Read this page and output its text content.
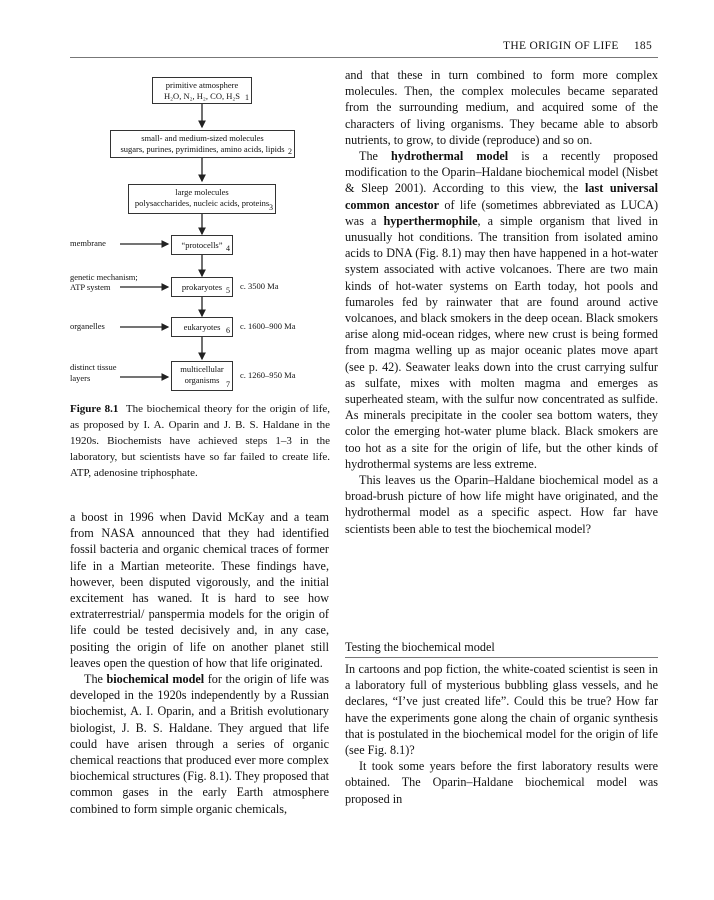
THE ORIGIN OF LIFE 185
primitive atmosphere
H₂O, N₂, H₂, CO, H₂S 1
small- and medium-sized molecules
sugars, purines, pyrimidines, amino acids, lipids 2
large molecules
polysaccharides, nucleic acids, proteins 3
“protocells” 4
prokaryotes 5
eukaryotes 6
multicellular
organisms 7
membrane
genetic mechanism;
ATP system
organelles
distinct tissue
layers
c. 3500 Ma
c. 1600–900 Ma
c. 1260–950 Ma
Figure 8.1 The biochemical theory for the origin of life, as proposed by I. A. Oparin and J. B. S. Haldane in the 1920s. Biochemists have achieved steps 1–3 in the laboratory, but scientists have so far failed to create life. ATP, adenosine triphosphate.

a boost in 1996 when David McKay and a team from NASA announced that they had identified fossil bacteria and organic chemical traces of former life in a Martian meteorite. These findings have, however, been disputed vigorously, and the initial excitement has waned. It is hard to see how extraterrestrial/ panspermia models for the origin of life could be tested decisively and, in any case, positing the origin of life on another planet still leaves open the question of how that life originated.

The biochemical model for the origin of life was developed in the 1920s independently by a Russian biochemist, A. I. Oparin, and a British evolutionary biologist, J. B. S. Haldane. They argued that life could have arisen through a series of organic chemical reactions that produced ever more complex biochemical structures (Fig. 8.1). They proposed that common gases in the early Earth atmosphere combined to form simple organic chemicals,

and that these in turn combined to form more complex molecules. Then, the complex molecules became separated from the surrounding medium, and acquired some of the characters of living organisms. They became able to absorb nutrients, to grow, to divide (reproduce) and so on.

The hydrothermal model is a recently proposed modification to the Oparin–Haldane biochemical model (Nisbet & Sleep 2001). According to this view, the last universal common ancestor of life (sometimes abbreviated as LUCA) was a hyperthermophile, a simple organism that lived in unusually hot conditions. The transition from isolated amino acids to DNA (Fig. 8.1) may then have happened in a hot-water system associated with active volcanoes. There are two main kinds of hot-water systems on Earth today, hot pools and fumaroles fed by rainwater that are found around active volcanoes, and black smokers in the deep ocean. Black smokers arise along mid-ocean ridges, where new crust is being formed from magma welling up as major oceanic plates move apart (see p. 42). Seawater leaks down into the crust carrying sulfur as sulfate, mixes with molten magma and emerges as superheated steam, with the sulfur now concentrated as sulfide. As minerals precipitate in the cooler sea bottom waters, they color the emerging hot-water plume black. Black smokers are too hot as a site for the origin of life, but the other kinds of hydrothermal systems are less extreme.

This leaves us the Oparin–Haldane biochemical model as a broad-brush picture of how life might have originated, and the hydrothermal model as a specific aspect. How far have scientists been able to test the biochemical model?

Testing the biochemical model

In cartoons and pop fiction, the white-coated scientist is seen in a laboratory full of mysterious bubbling glass vessels, and he declares, “I’ve just created life”. Could this be true? How far have the experiments gone along the chain of organic synthesis that is postulated in the biochemical model for the origin of life (see Fig. 8.1)?

It took some years before the first laboratory results were obtained. The Oparin–Haldane biochemical model was proposed in
